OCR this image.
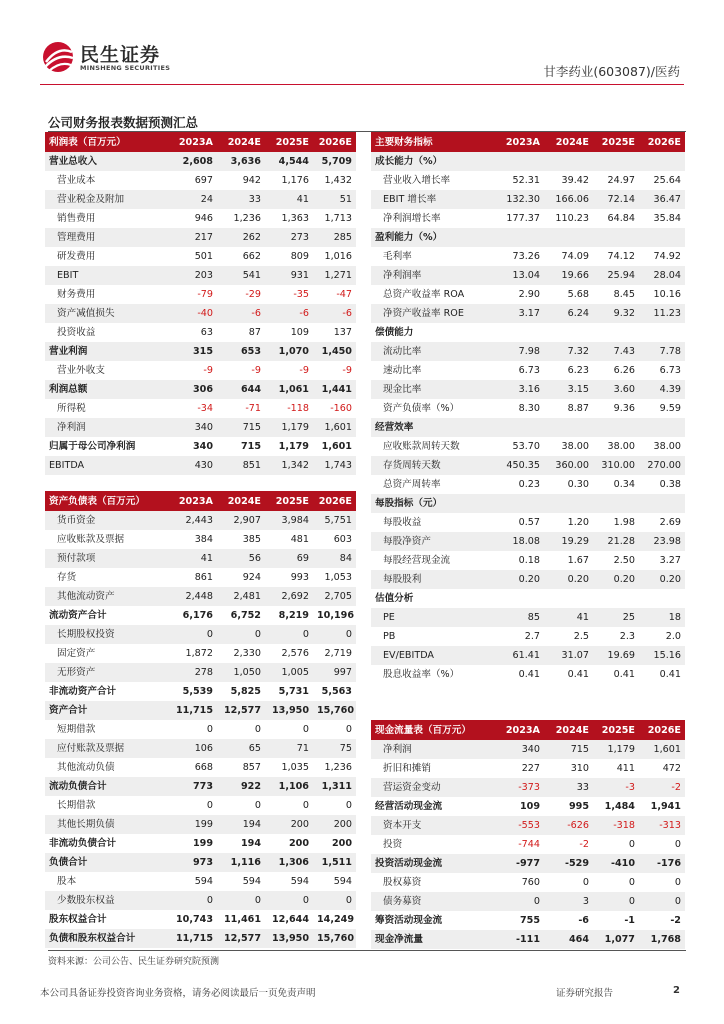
民生证券
MINSHENG SECURITIES	甘李药业(603087)/医药
公司财务报表数据预测汇总
利润表（百万元）	2023A	2024E	2025E	2026E
营业总收入	2,608	3,636	4,544	5,709
营业成本	697	942	1,176	1,432
营业税金及附加	24	33	41	51
销售费用	946	1,236	1,363	1,713
管理费用	217	262	273	285
研发费用	501	662	809	1,016
EBIT	203	541	931	1,271
财务费用	-79	-29	-35	-47
资产减值损失	-40	-6	-6	-6
投资收益	63	87	109	137
营业利润	315	653	1,070	1,450
营业外收支	-9	-9	-9	-9
利润总额	306	644	1,061	1,441
所得税	-34	-71	-118	-160
净利润	340	715	1,179	1,601
归属于母公司净利润	340	715	1,179	1,601
EBITDA	430	851	1,342	1,743
资产负债表（百万元）	2023A	2024E	2025E	2026E
货币资金	2,443	2,907	3,984	5,751
应收账款及票据	384	385	481	603
预付款项	41	56	69	84
存货	861	924	993	1,053
其他流动资产	2,448	2,481	2,692	2,705
流动资产合计	6,176	6,752	8,219	10,196
长期股权投资	0	0	0	0
固定资产	1,872	2,330	2,576	2,719
无形资产	278	1,050	1,005	997
非流动资产合计	5,539	5,825	5,731	5,563
资产合计	11,715	12,577	13,950	15,760
短期借款	0	0	0	0
应付账款及票据	106	65	71	75
其他流动负债	668	857	1,035	1,236
流动负债合计	773	922	1,106	1,311
长期借款	0	0	0	0
其他长期负债	199	194	200	200
非流动负债合计	199	194	200	200
负债合计	973	1,116	1,306	1,511
股本	594	594	594	594
少数股东权益	0	0	0	0
股东权益合计	10,743	11,461	12,644	14,249
负债和股东权益合计	11,715	12,577	13,950	15,760
主要财务指标	2023A	2024E	2025E	2026E
成长能力（%）				
营业收入增长率	52.31	39.42	24.97	25.64
EBIT 增长率	132.30	166.06	72.14	36.47
净利润增长率	177.37	110.23	64.84	35.84
盈利能力（%）				
毛利率	73.26	74.09	74.12	74.92
净利润率	13.04	19.66	25.94	28.04
总资产收益率 ROA	2.90	5.68	8.45	10.16
净资产收益率 ROE	3.17	6.24	9.32	11.23
偿债能力				
流动比率	7.98	7.32	7.43	7.78
速动比率	6.73	6.23	6.26	6.73
现金比率	3.16	3.15	3.60	4.39
资产负债率（%）	8.30	8.87	9.36	9.59
经营效率				
应收账款周转天数	53.70	38.00	38.00	38.00
存货周转天数	450.35	360.00	310.00	270.00
总资产周转率	0.23	0.30	0.34	0.38
每股指标（元）				
每股收益	0.57	1.20	1.98	2.69
每股净资产	18.08	19.29	21.28	23.98
每股经营现金流	0.18	1.67	2.50	3.27
每股股利	0.20	0.20	0.20	0.20
估值分析				
PE	85	41	25	18
PB	2.7	2.5	2.3	2.0
EV/EBITDA	61.41	31.07	19.69	15.16
股息收益率（%）	0.41	0.41	0.41	0.41
现金流量表（百万元）	2023A	2024E	2025E	2026E
净利润	340	715	1,179	1,601
折旧和摊销	227	310	411	472
营运资金变动	-373	33	-3	-2
经营活动现金流	109	995	1,484	1,941
资本开支	-553	-626	-318	-313
投资	-744	-2	0	0
投资活动现金流	-977	-529	-410	-176
股权募资	760	0	0	0
债务募资	0	3	0	0
筹资活动现金流	755	-6	-1	-2
现金净流量	-111	464	1,077	1,768
资料来源：公司公告、民生证券研究院预测
本公司具备证券投资咨询业务资格，请务必阅读最后一页免责声明	证券研究报告	2
